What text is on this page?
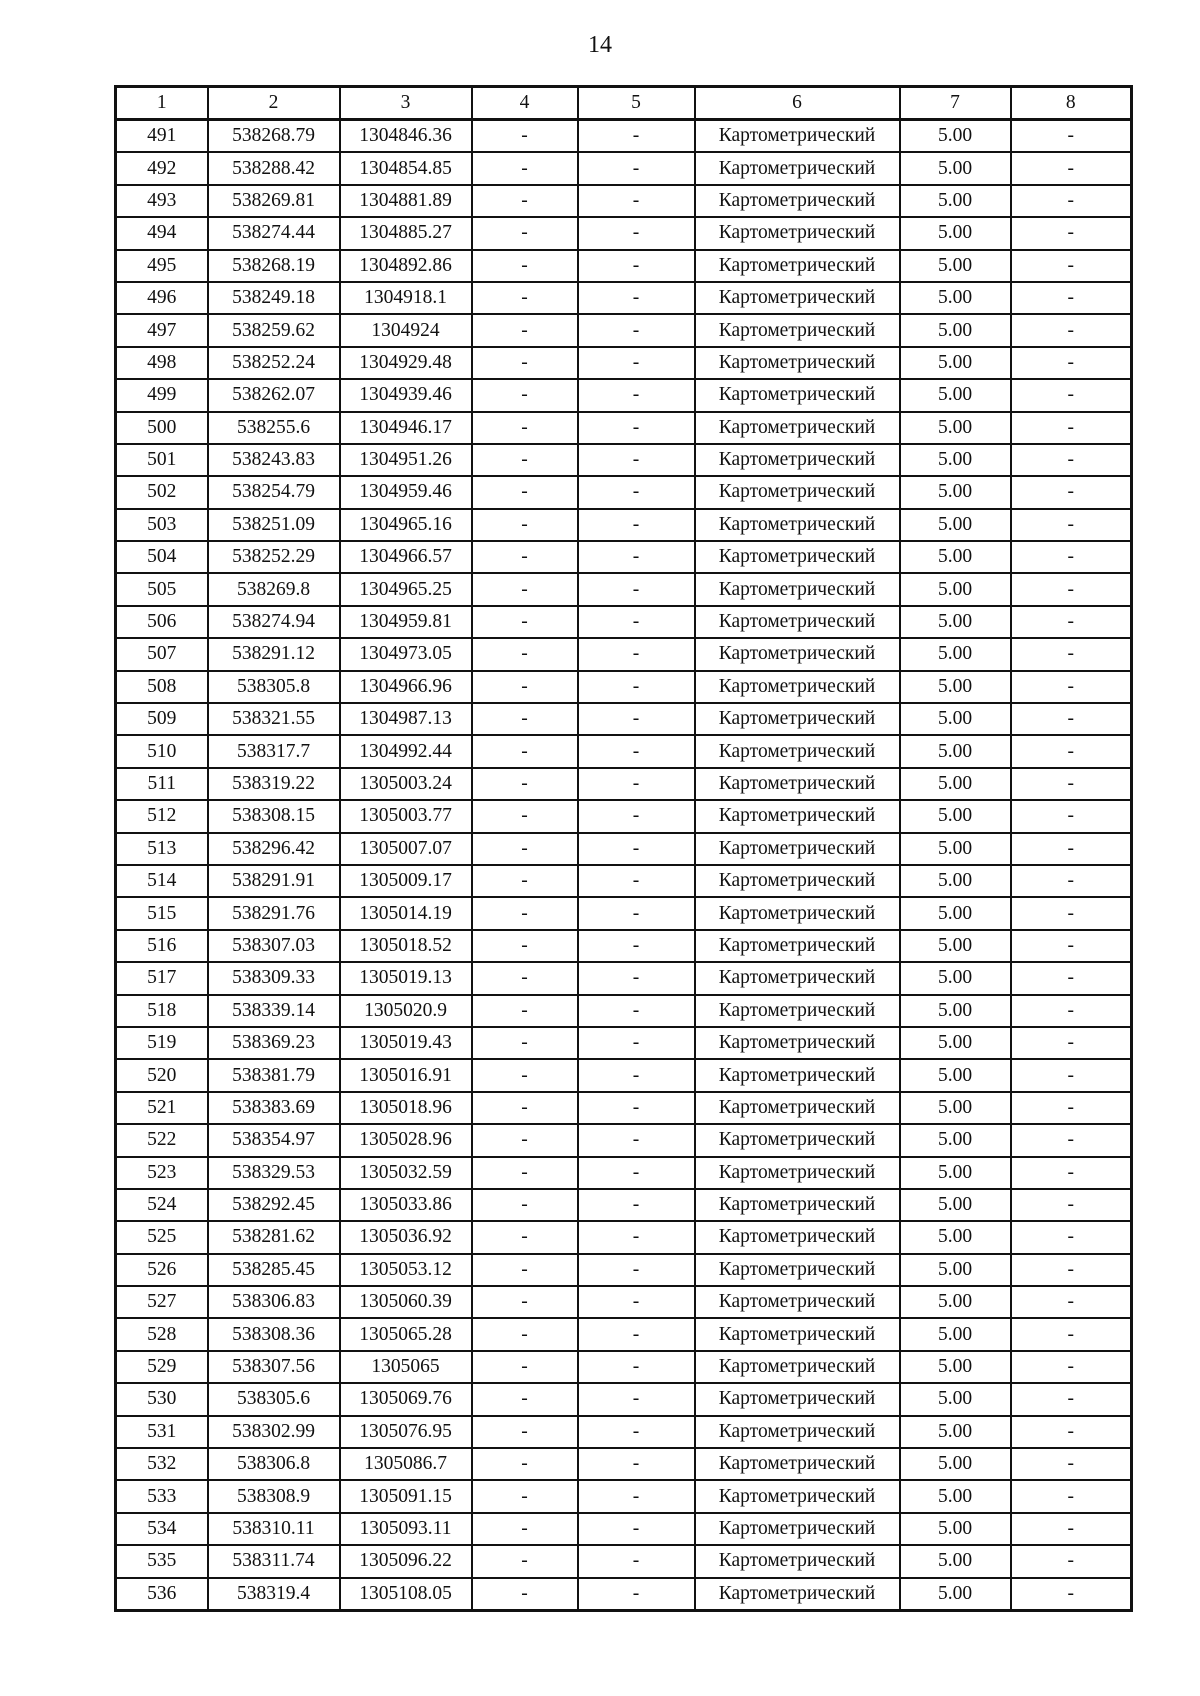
14
1	2	3	4	5	6	7	8
491	538268.79	1304846.36	-	-	Картометрический	5.00	-
492	538288.42	1304854.85	-	-	Картометрический	5.00	-
493	538269.81	1304881.89	-	-	Картометрический	5.00	-
494	538274.44	1304885.27	-	-	Картометрический	5.00	-
495	538268.19	1304892.86	-	-	Картометрический	5.00	-
496	538249.18	1304918.1	-	-	Картометрический	5.00	-
497	538259.62	1304924	-	-	Картометрический	5.00	-
498	538252.24	1304929.48	-	-	Картометрический	5.00	-
499	538262.07	1304939.46	-	-	Картометрический	5.00	-
500	538255.6	1304946.17	-	-	Картометрический	5.00	-
501	538243.83	1304951.26	-	-	Картометрический	5.00	-
502	538254.79	1304959.46	-	-	Картометрический	5.00	-
503	538251.09	1304965.16	-	-	Картометрический	5.00	-
504	538252.29	1304966.57	-	-	Картометрический	5.00	-
505	538269.8	1304965.25	-	-	Картометрический	5.00	-
506	538274.94	1304959.81	-	-	Картометрический	5.00	-
507	538291.12	1304973.05	-	-	Картометрический	5.00	-
508	538305.8	1304966.96	-	-	Картометрический	5.00	-
509	538321.55	1304987.13	-	-	Картометрический	5.00	-
510	538317.7	1304992.44	-	-	Картометрический	5.00	-
511	538319.22	1305003.24	-	-	Картометрический	5.00	-
512	538308.15	1305003.77	-	-	Картометрический	5.00	-
513	538296.42	1305007.07	-	-	Картометрический	5.00	-
514	538291.91	1305009.17	-	-	Картометрический	5.00	-
515	538291.76	1305014.19	-	-	Картометрический	5.00	-
516	538307.03	1305018.52	-	-	Картометрический	5.00	-
517	538309.33	1305019.13	-	-	Картометрический	5.00	-
518	538339.14	1305020.9	-	-	Картометрический	5.00	-
519	538369.23	1305019.43	-	-	Картометрический	5.00	-
520	538381.79	1305016.91	-	-	Картометрический	5.00	-
521	538383.69	1305018.96	-	-	Картометрический	5.00	-
522	538354.97	1305028.96	-	-	Картометрический	5.00	-
523	538329.53	1305032.59	-	-	Картометрический	5.00	-
524	538292.45	1305033.86	-	-	Картометрический	5.00	-
525	538281.62	1305036.92	-	-	Картометрический	5.00	-
526	538285.45	1305053.12	-	-	Картометрический	5.00	-
527	538306.83	1305060.39	-	-	Картометрический	5.00	-
528	538308.36	1305065.28	-	-	Картометрический	5.00	-
529	538307.56	1305065	-	-	Картометрический	5.00	-
530	538305.6	1305069.76	-	-	Картометрический	5.00	-
531	538302.99	1305076.95	-	-	Картометрический	5.00	-
532	538306.8	1305086.7	-	-	Картометрический	5.00	-
533	538308.9	1305091.15	-	-	Картометрический	5.00	-
534	538310.11	1305093.11	-	-	Картометрический	5.00	-
535	538311.74	1305096.22	-	-	Картометрический	5.00	-
536	538319.4	1305108.05	-	-	Картометрический	5.00	-
